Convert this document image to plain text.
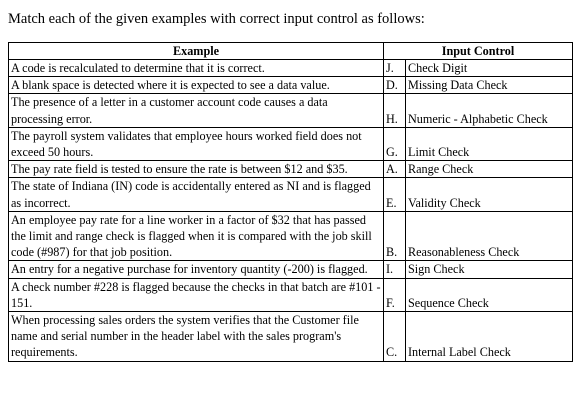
Match each of the given examples with correct input control as follows:
Example	Input Control	
A code is recalculated to determine that it is correct.	J.	Check Digit
A blank space is detected where it is expected to see a data value.	D.	Missing Data Check
The presence of a letter in a customer account code causes a data processing error.	H.	Numeric - Alphabetic Check
The payroll system validates that employee hours worked field does not exceed 50 hours.	G.	Limit Check
The pay rate field is tested to ensure the rate is between $12 and $35.	A.	Range Check
The state of Indiana (IN) code is accidentally entered as NI and is flagged as incorrect.	E.	Validity Check
An employee pay rate for a line worker in a factor of $32 that has passed the limit and range check is flagged when it is compared with the job skill code (#987) for that job position.	B.	Reasonableness Check
An entry for a negative purchase for inventory quantity (-200) is flagged.	I.	Sign Check
A check number #228 is flagged because the checks in that batch are #101 - 151.	F.	Sequence Check
When processing sales orders the system verifies that the Customer file name and serial number in the header label with the sales program's requirements.	C.	Internal Label Check
